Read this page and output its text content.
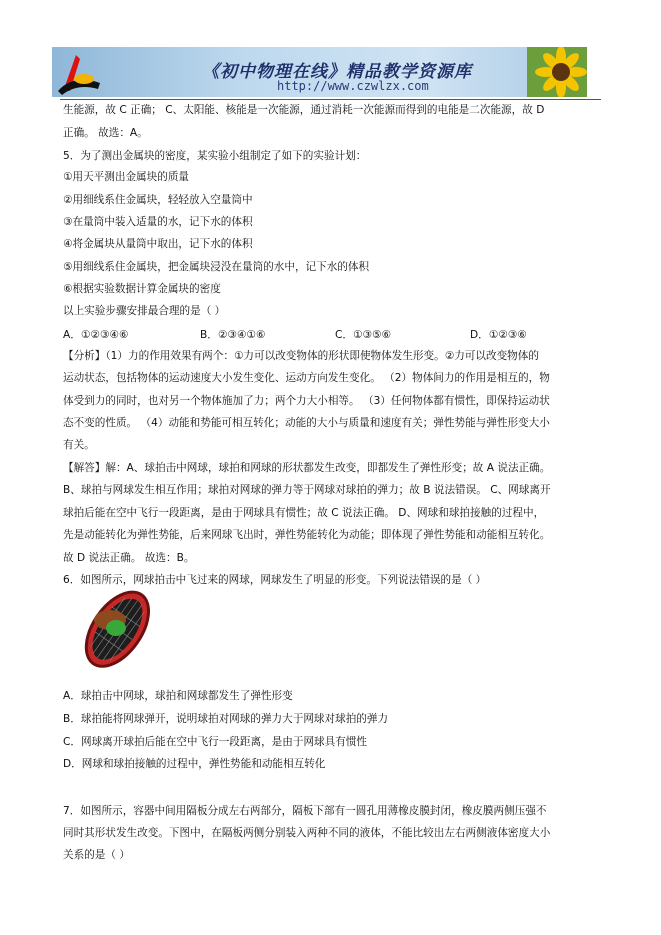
《初中物理在线》精品教学资源库
http://www.czwlzx.com
生能源，故 C 正确； C、太阳能、核能是一次能源，通过消耗一次能源而得到的电能是二次能源，故 D
正确。 故选：A。
5．为了测出金属块的密度，某实验小组制定了如下的实验计划：
①用天平测出金属块的质量
②用细线系住金属块，轻轻放入空量筒中
③在量筒中装入适量的水，记下水的体积
④将金属块从量筒中取出，记下水的体积
⑤用细线系住金属块，把金属块浸没在量筒的水中，记下水的体积
⑥根据实验数据计算金属块的密度
以上实验步骤安排最合理的是（ ）
A．①②③④⑥	B．②③④①⑥	C．①③⑤⑥	D．①②③⑥
【分析】（1）力的作用效果有两个：①力可以改变物体的形状即使物体发生形变。②力可以改变物体的
运动状态，包括物体的运动速度大小发生变化、运动方向发生变化。 （2）物体间力的作用是相互的，物
体受到力的同时，也对另一个物体施加了力；两个力大小相等。 （3）任何物体都有惯性，即保持运动状
态不变的性质。 （4）动能和势能可相互转化；动能的大小与质量和速度有关；弹性势能与弹性形变大小
有关。
【解答】解：A、球拍击中网球，球拍和网球的形状都发生改变，即都发生了弹性形变；故 A 说法正确。
B、球拍与网球发生相互作用；球拍对网球的弹力等于网球对球拍的弹力；故 B 说法错误。 C、网球离开
球拍后能在空中飞行一段距离，是由于网球具有惯性；故 C 说法正确。 D、网球和球拍接触的过程中，
先是动能转化为弹性势能，后来网球飞出时，弹性势能转化为动能；即体现了弹性势能和动能相互转化。
故 D 说法正确。 故选：B。
6．如图所示，网球拍击中飞过来的网球，网球发生了明显的形变。下列说法错误的是（ ）
A．球拍击中网球，球拍和网球都发生了弹性形变
B．球拍能将网球弹开，说明球拍对网球的弹力大于网球对球拍的弹力
C．网球离开球拍后能在空中飞行一段距离，是由于网球具有惯性
D．网球和球拍接触的过程中，弹性势能和动能相互转化
7．如图所示，容器中间用隔板分成左右两部分，隔板下部有一圆孔用薄橡皮膜封闭，橡皮膜两侧压强不
同时其形状发生改变。下图中，在隔板两侧分别装入两种不同的液体，不能比较出左右两侧液体密度大小
关系的是（ ）
